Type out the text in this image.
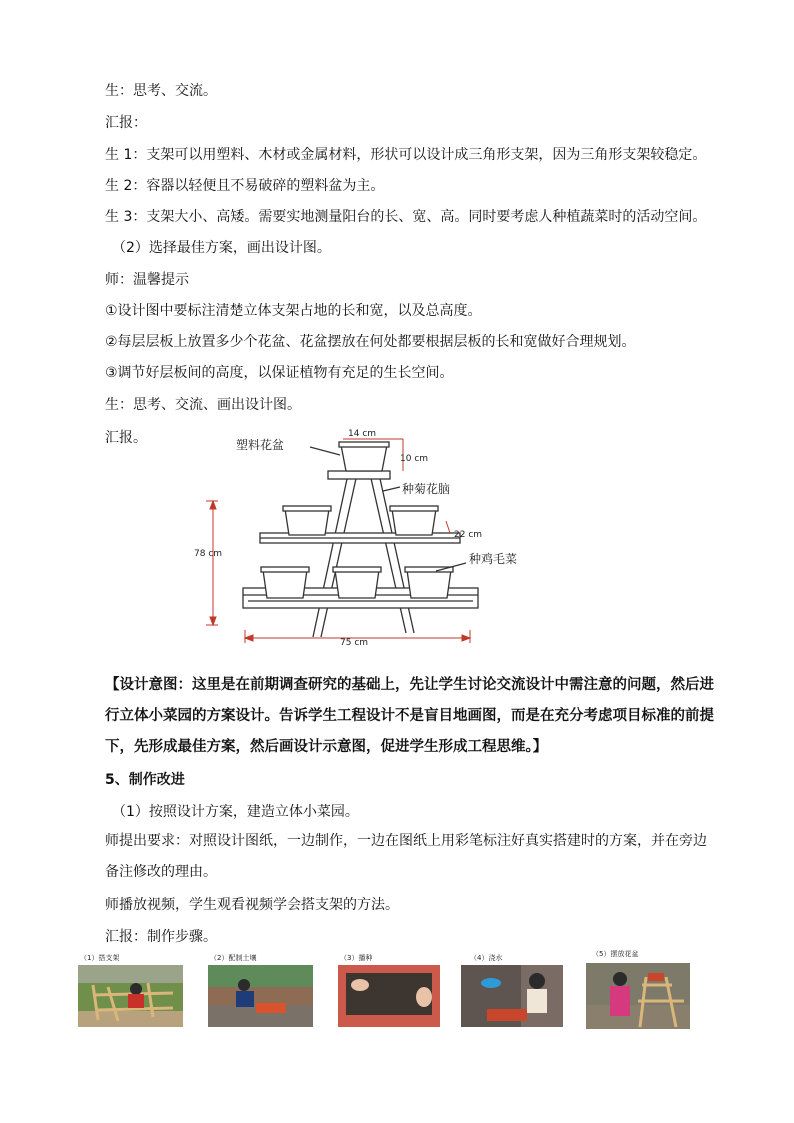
生：思考、交流。
汇报：
生 1：支架可以用塑料、木材或金属材料，形状可以设计成三角形支架，因为三角形支架较稳定。
生 2：容器以轻便且不易破碎的塑料盆为主。
生 3：支架大小、高矮。需要实地测量阳台的长、宽、高。同时要考虑人种植蔬菜时的活动空间。
（2）选择最佳方案，画出设计图。
师：温馨提示
①设计图中要标注清楚立体支架占地的长和宽，以及总高度。
②每层层板上放置多少个花盆、花盆摆放在何处都要根据层板的长和宽做好合理规划。
③调节好层板间的高度，以保证植物有充足的生长空间。
生：思考、交流、画出设计图。
汇报。	塑料花盆
14 cm
10 cm
种菊花脑
22 cm
78 cm	种鸡毛菜
75 cm
【设计意图：这里是在前期调查研究的基础上，先让学生讨论交流设计中需注意的问题，然后进行立体小菜园的方案设计。告诉学生工程设计不是盲目地画图，而是在充分考虑项目标准的前提下，先形成最佳方案，然后画设计示意图，促进学生形成工程思维。】
5、制作改进
（1）按照设计方案，建造立体小菜园。
师提出要求：对照设计图纸，一边制作，一边在图纸上用彩笔标注好真实搭建时的方案，并在旁边备注修改的理由。
师播放视频，学生观看视频学会搭支架的方法。
汇报：制作步骤。
（1）搭支架	（2）配制土壤	（3）播种	（4）浇水	（5）摆放花盆
